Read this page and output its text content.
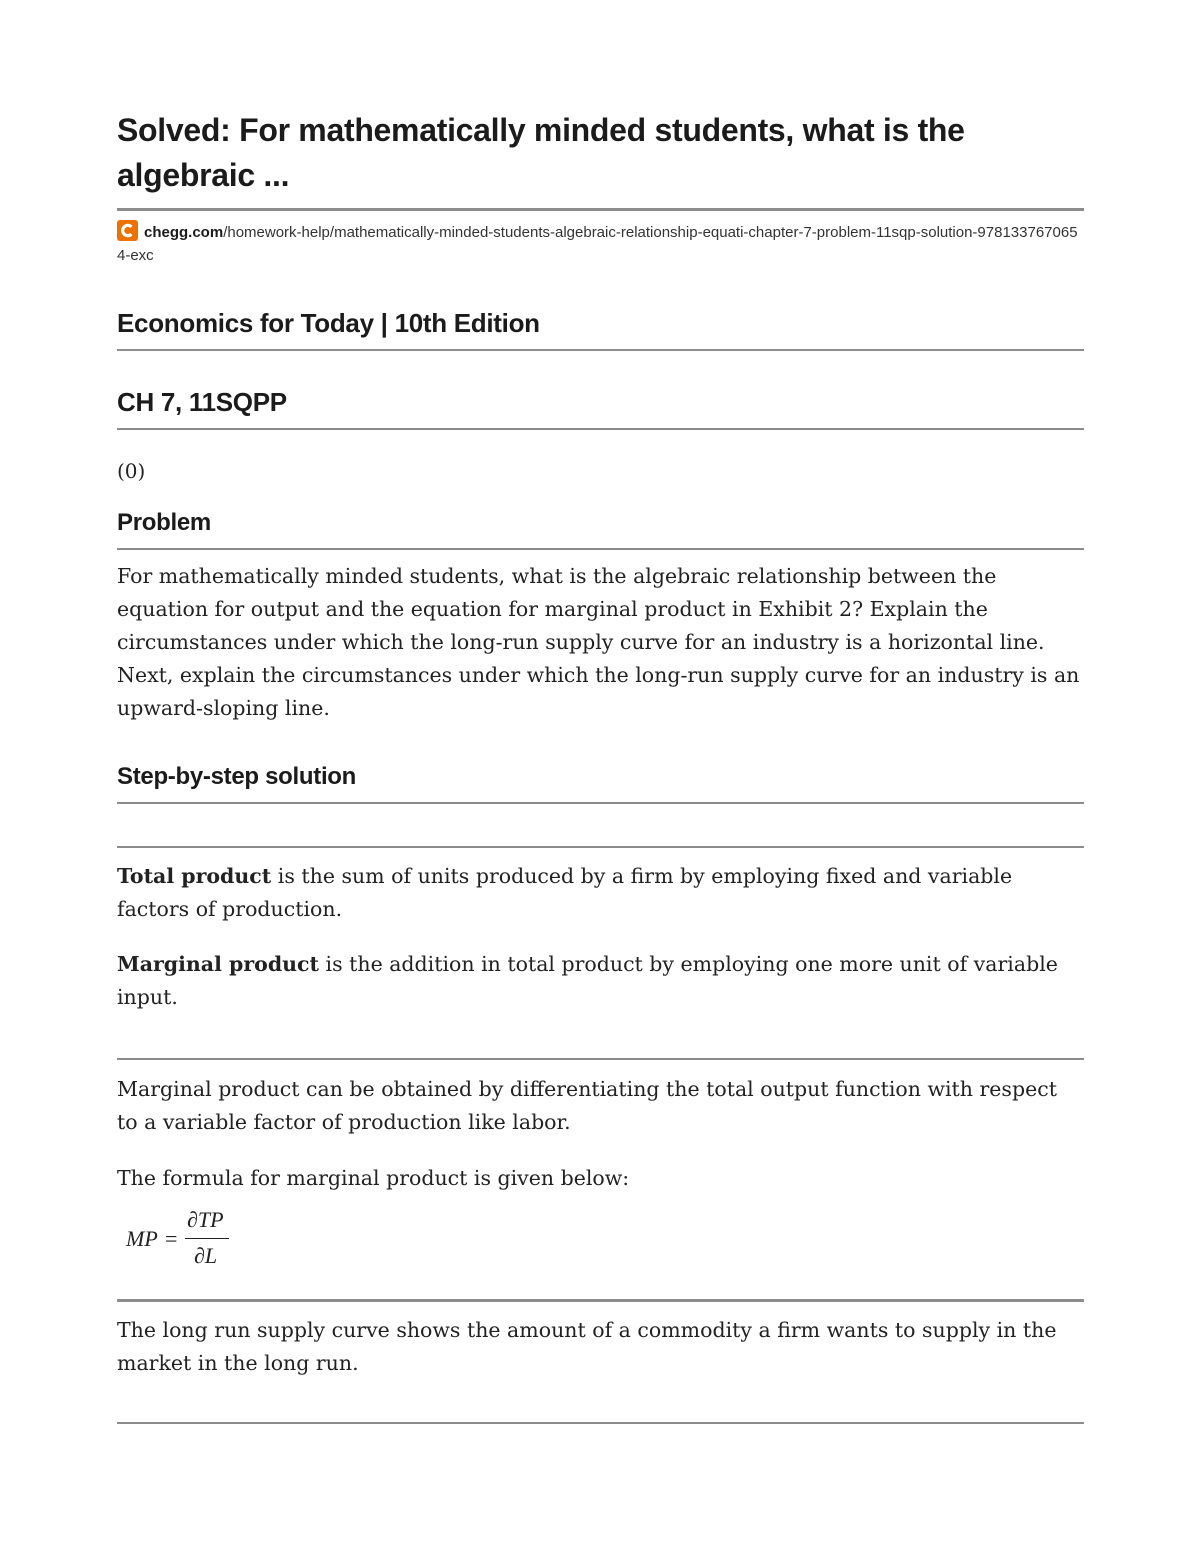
Solved: For mathematically minded students, what is the algebraic ...
chegg.com/homework-help/mathematically-minded-students-algebraic-relationship-equati-chapter-7-problem-11sqp-solution-9781337670654-exc
Economics for Today | 10th Edition
CH 7, 11SQPP
(0)
Problem

For mathematically minded students, what is the algebraic relationship between the equation for output and the equation for marginal product in Exhibit 2? Explain the circumstances under which the long-run supply curve for an industry is a horizontal line. Next, explain the circumstances under which the long-run supply curve for an industry is an upward-sloping line.

Step-by-step solution

Total product is the sum of units produced by a firm by employing fixed and variable factors of production.

Marginal product is the addition in total product by employing one more unit of variable input.

Marginal product can be obtained by differentiating the total output function with respect to a variable factor of production like labor.

The formula for marginal product is given below:

MP =
∂TP
∂L

The long run supply curve shows the amount of a commodity a firm wants to supply in the market in the long run.
